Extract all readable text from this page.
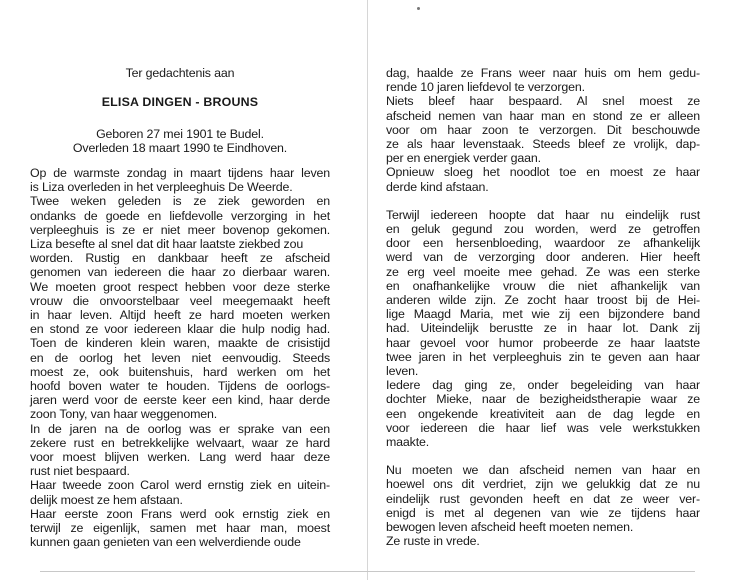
Ter gedachtenis aan
ELISA DINGEN - BROUNS
Geboren 27 mei 1901 te Budel.
Overleden 18 maart 1990 te Eindhoven.
Op de warmste zondag in maart tijdens haar leven
is Liza overleden in het verpleeghuis De Weerde.
Twee weken geleden is ze ziek geworden en
ondanks de goede en liefdevolle verzorging in het
verpleeghuis is ze er niet meer bovenop gekomen.
Liza besefte al snel dat dit haar laatste ziekbed zou
worden. Rustig en dankbaar heeft ze afscheid
genomen van iedereen die haar zo dierbaar waren.
We moeten groot respect hebben voor deze sterke
vrouw die onvoorstelbaar veel meegemaakt heeft
in haar leven. Altijd heeft ze hard moeten werken
en stond ze voor iedereen klaar die hulp nodig had.
Toen de kinderen klein waren, maakte de crisistijd
en de oorlog het leven niet eenvoudig. Steeds
moest ze, ook buitenshuis, hard werken om het
hoofd boven water te houden. Tijdens de oorlogs-
jaren werd voor de eerste keer een kind, haar derde
zoon Tony, van haar weggenomen.
In de jaren na de oorlog was er sprake van een
zekere rust en betrekkelijke welvaart, waar ze hard
voor moest blijven werken. Lang werd haar deze
rust niet bespaard.
Haar tweede zoon Carol werd ernstig ziek en uitein-
delijk moest ze hem afstaan.
Haar eerste zoon Frans werd ook ernstig ziek en
terwijl ze eigenlijk, samen met haar man, moest
kunnen gaan genieten van een welverdiende oude
dag, haalde ze Frans weer naar huis om hem gedu-
rende 10 jaren liefdevol te verzorgen.
Niets bleef haar bespaard. Al snel moest ze
afscheid nemen van haar man en stond ze er alleen
voor om haar zoon te verzorgen. Dit beschouwde
ze als haar levenstaak. Steeds bleef ze vrolijk, dap-
per en energiek verder gaan.
Opnieuw sloeg het noodlot toe en moest ze haar
derde kind afstaan.
Terwijl iedereen hoopte dat haar nu eindelijk rust
en geluk gegund zou worden, werd ze getroffen
door een hersenbloeding, waardoor ze afhankelijk
werd van de verzorging door anderen. Hier heeft
ze erg veel moeite mee gehad. Ze was een sterke
en onafhankelijke vrouw die niet afhankelijk van
anderen wilde zijn. Ze zocht haar troost bij de Hei-
lige Maagd Maria, met wie zij een bijzondere band
had. Uiteindelijk berustte ze in haar lot. Dank zij
haar gevoel voor humor probeerde ze haar laatste
twee jaren in het verpleeghuis zin te geven aan haar
leven.
Iedere dag ging ze, onder begeleiding van haar
dochter Mieke, naar de bezigheidstherapie waar ze
een ongekende kreativiteit aan de dag legde en
voor iedereen die haar lief was vele werkstukken
maakte.
Nu moeten we dan afscheid nemen van haar en
hoewel ons dit verdriet, zijn we gelukkig dat ze nu
eindelijk rust gevonden heeft en dat ze weer ver-
enigd is met al degenen van wie ze tijdens haar
bewogen leven afscheid heeft moeten nemen.
Ze ruste in vrede.
